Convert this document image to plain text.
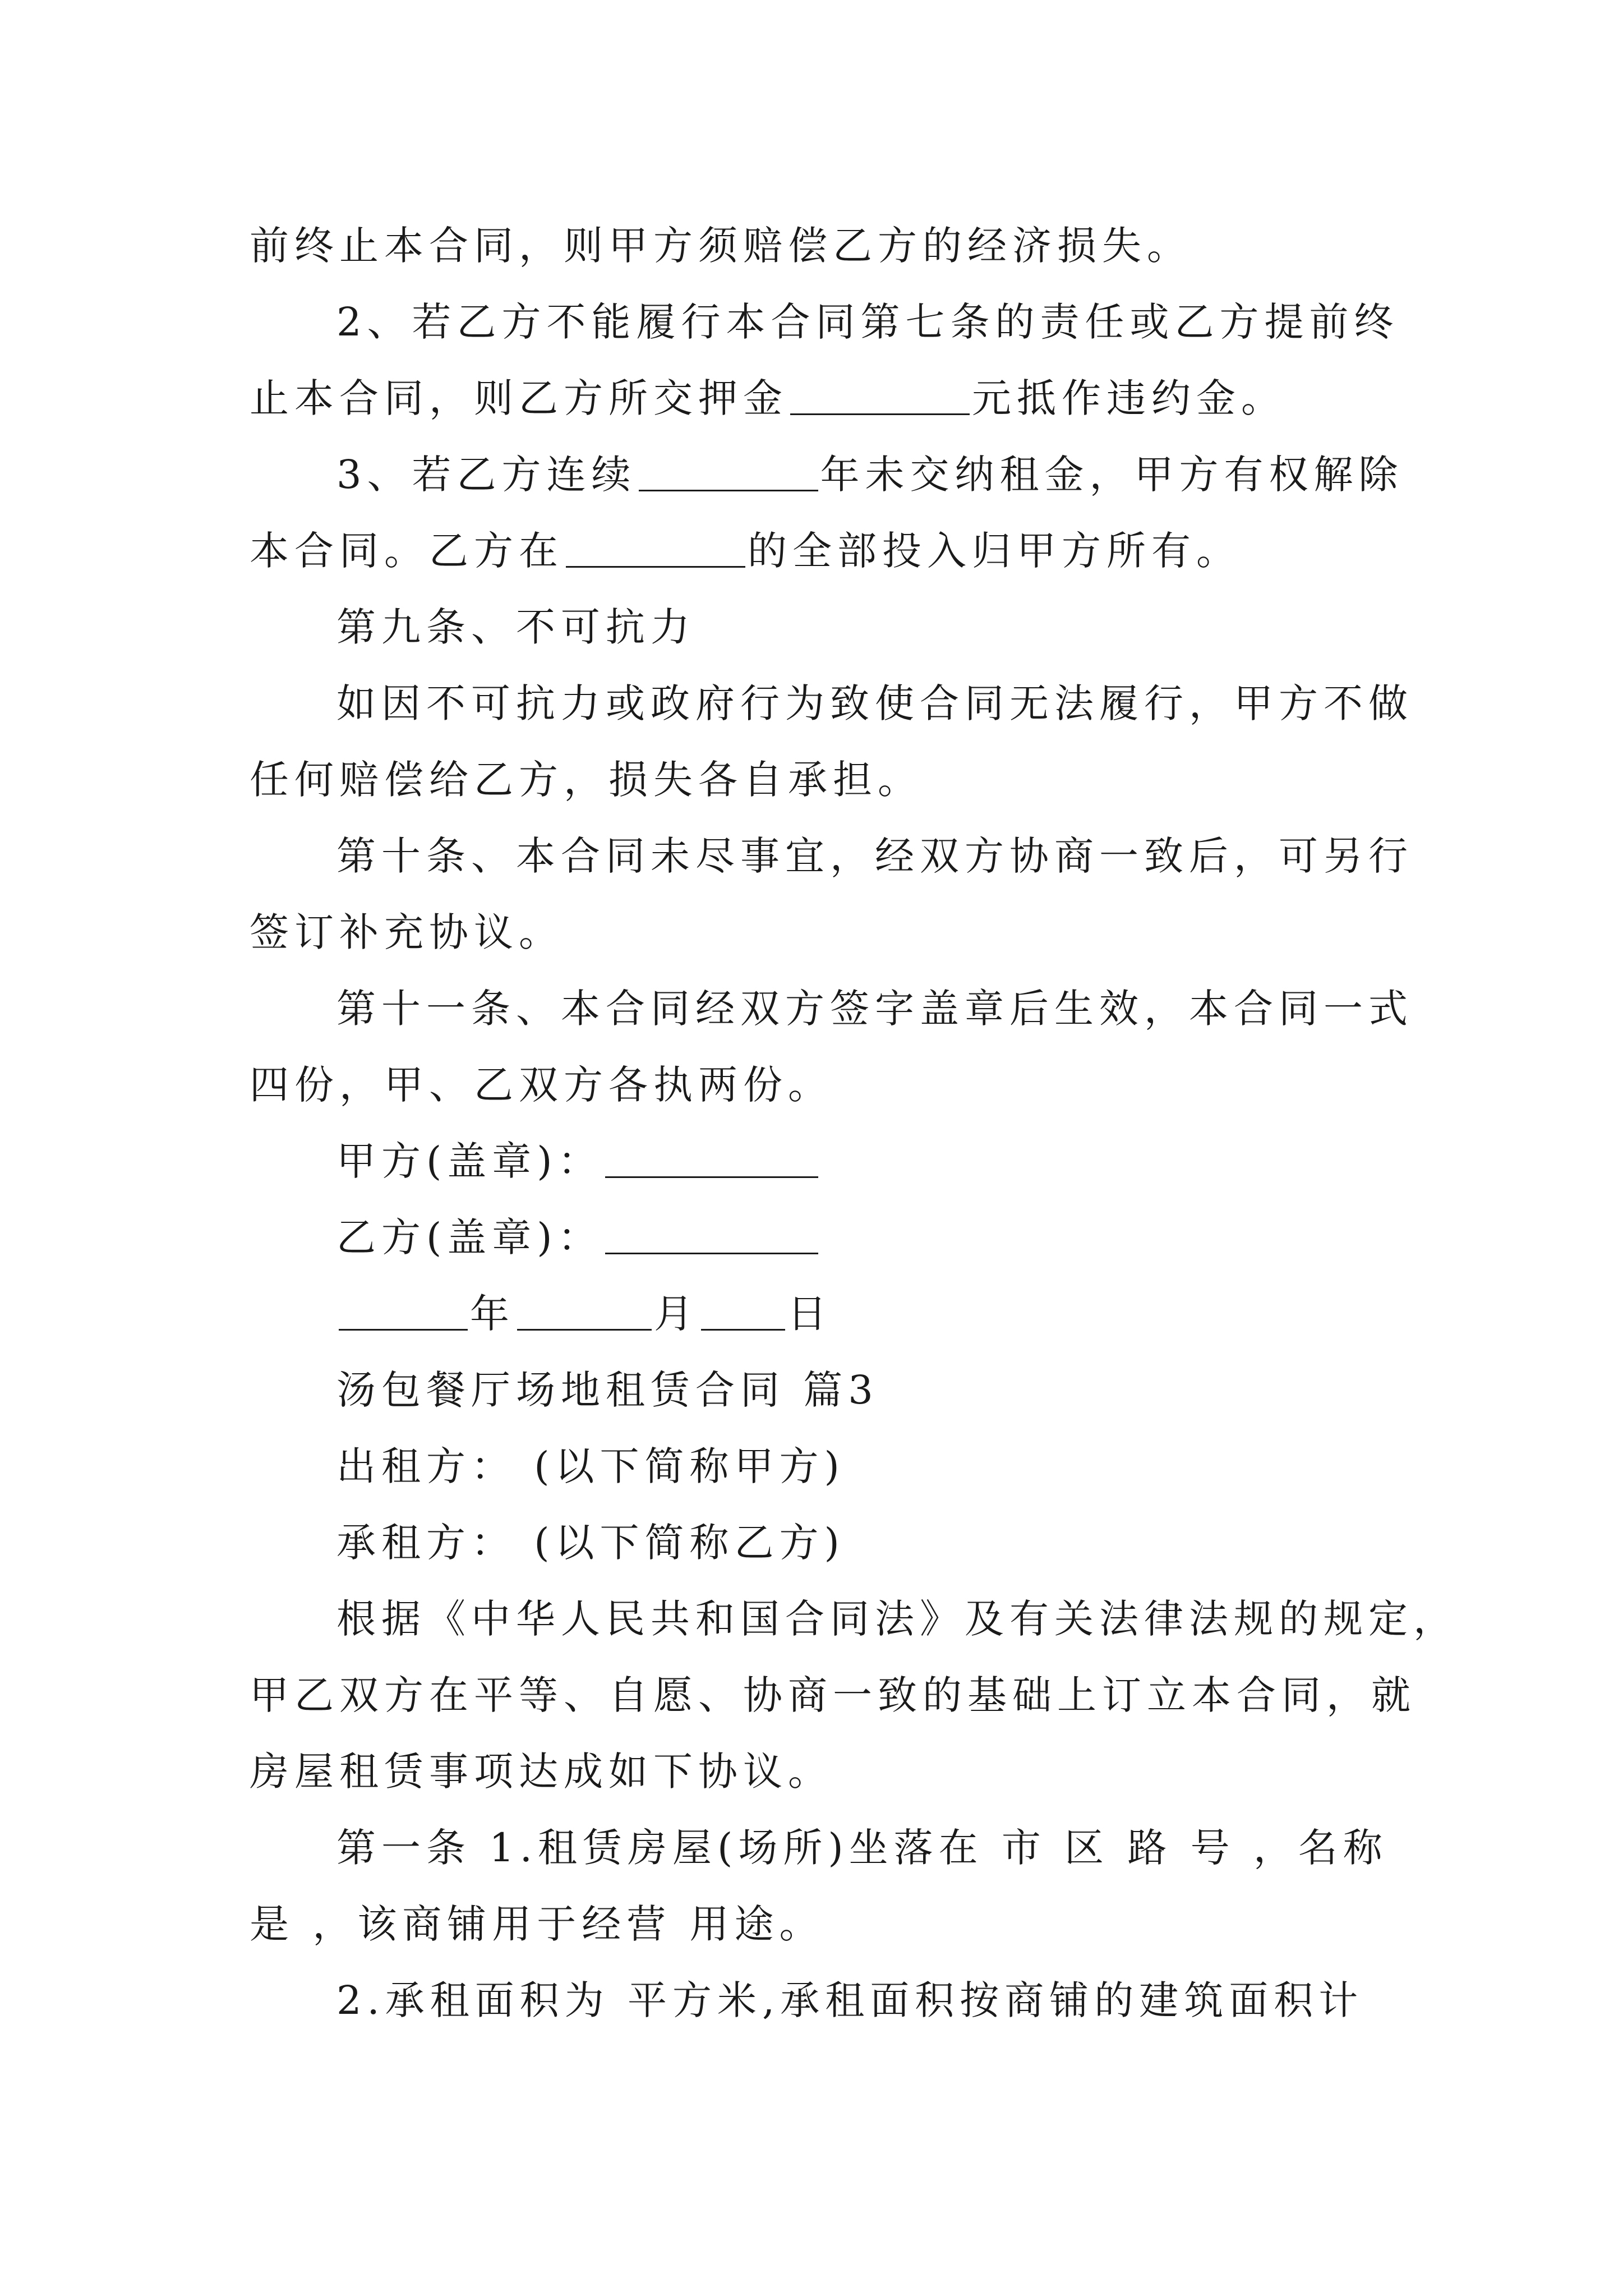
前终止本合同，则甲方须赔偿乙方的经济损失。
2、若乙方不能履行本合同第七条的责任或乙方提前终
止本合同，则乙方所交押金	元抵作违约金。
3、若乙方连续	年未交纳租金，甲方有权解除
本合同。乙方在	的全部投入归甲方所有。
第九条、不可抗力
如因不可抗力或政府行为致使合同无法履行，甲方不做
任何赔偿给乙方，损失各自承担。
第十条、本合同未尽事宜，经双方协商一致后，可另行
签订补充协议。
第十一条、本合同经双方签字盖章后生效，本合同一式
四份，甲、乙双方各执两份。
甲方(盖章)：
乙方(盖章)：
年	月 日
汤包餐厅场地租赁合同 篇3
出租方： (以下简称甲方)
承租方： (以下简称乙方)
根据《中华人民共和国合同法》及有关法律法规的规定，
甲乙双方在平等、自愿、协商一致的基础上订立本合同，就
房屋租赁事项达成如下协议。
第一条 1.租赁房屋(场所)坐落在 市 区 路 号 ，名称
是 ，该商铺用于经营 用途。
2.承租面积为 平方米,承租面积按商铺的建筑面积计
